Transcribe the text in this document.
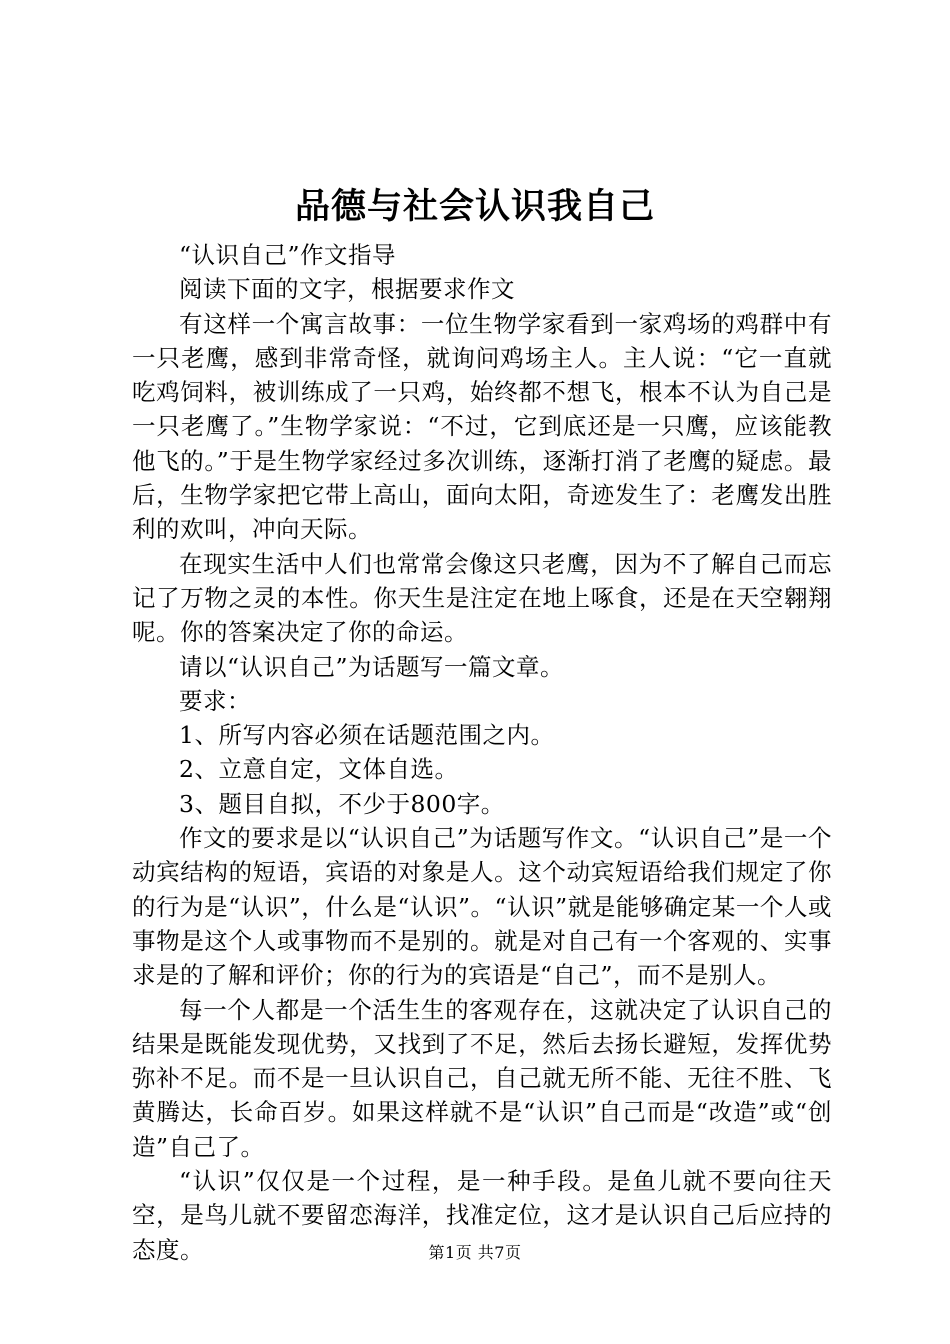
品德与社会认识我自己

“认识自己”作文指导

阅读下面的文字，根据要求作文

有这样一个寓言故事：一位生物学家看到一家鸡场的鸡群中有一只老鹰，感到非常奇怪，就询问鸡场主人。主人说：“它一直就吃鸡饲料，被训练成了一只鸡，始终都不想飞，根本不认为自己是一只老鹰了。”生物学家说：“不过，它到底还是一只鹰，应该能教他飞的。”于是生物学家经过多次训练，逐渐打消了老鹰的疑虑。最后，生物学家把它带上高山，面向太阳，奇迹发生了：老鹰发出胜利的欢叫，冲向天际。

在现实生活中人们也常常会像这只老鹰，因为不了解自己而忘记了万物之灵的本性。你天生是注定在地上啄食，还是在天空翱翔呢。你的答案决定了你的命运。

请以“认识自己”为话题写一篇文章。

要求：

1、所写内容必须在话题范围之内。

2、立意自定，文体自选。

3、题目自拟，不少于800字。

作文的要求是以“认识自己”为话题写作文。“认识自己”是一个动宾结构的短语，宾语的对象是人。这个动宾短语给我们规定了你的行为是“认识”，什么是“认识”。“认识”就是能够确定某一个人或事物是这个人或事物而不是别的。就是对自己有一个客观的、实事求是的了解和评价；你的行为的宾语是“自己”，而不是别人。

每一个人都是一个活生生的客观存在，这就决定了认识自己的结果是既能发现优势，又找到了不足，然后去扬长避短，发挥优势弥补不足。而不是一旦认识自己，自己就无所不能、无往不胜、飞黄腾达，长命百岁。如果这样就不是“认识”自己而是“改造”或“创造”自己了。

“认识”仅仅是一个过程，是一种手段。是鱼儿就不要向往天空，是鸟儿就不要留恋海洋，找准定位，这才是认识自己后应持的态度。	第1页 共7页
